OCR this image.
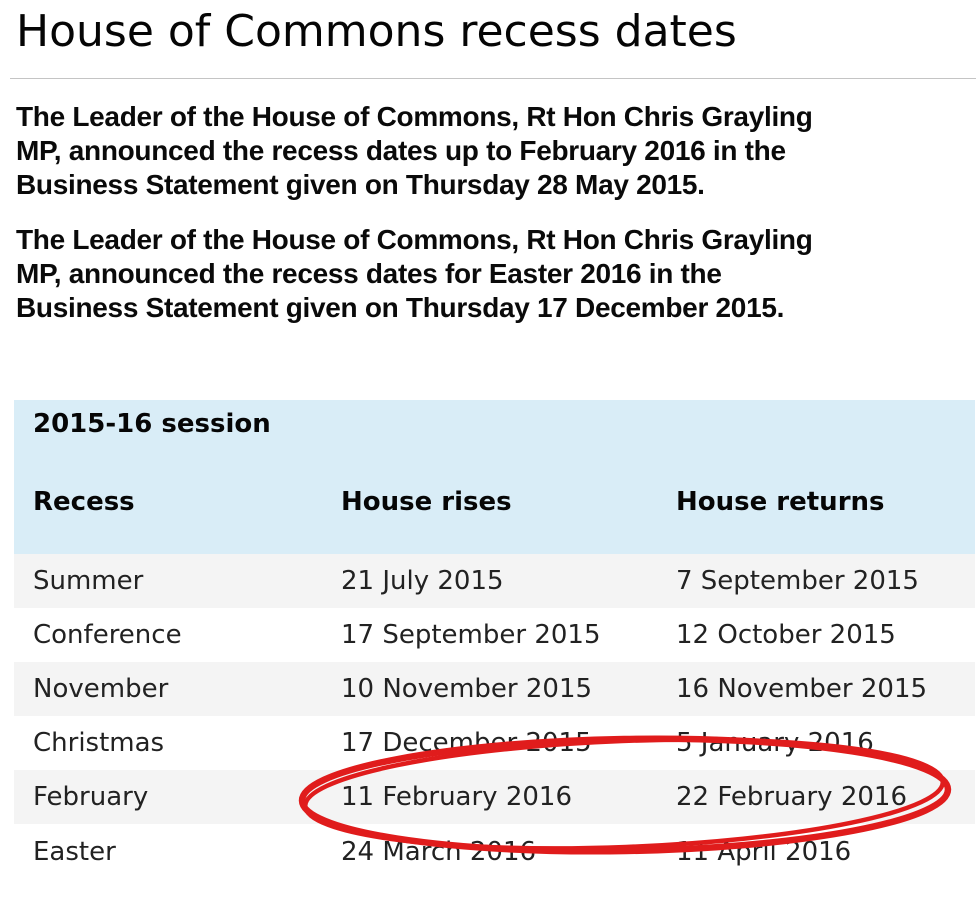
House of Commons recess dates
The Leader of the House of Commons, Rt Hon Chris Grayling
MP, announced the recess dates up to February 2016 in the
Business Statement given on Thursday 28 May 2015.
The Leader of the House of Commons, Rt Hon Chris Grayling
MP, announced the recess dates for Easter 2016 in the
Business Statement given on Thursday 17 December 2015.
2015-16 session
Recess	House rises	House returns
Summer	21 July 2015	7 September 2015
Conference	17 September 2015	12 October 2015
November	10 November 2015	16 November 2015
Christmas	17 December 2015	5 January 2016
February	11 February 2016	22 February 2016
Easter	24 March 2016	11 April 2016
